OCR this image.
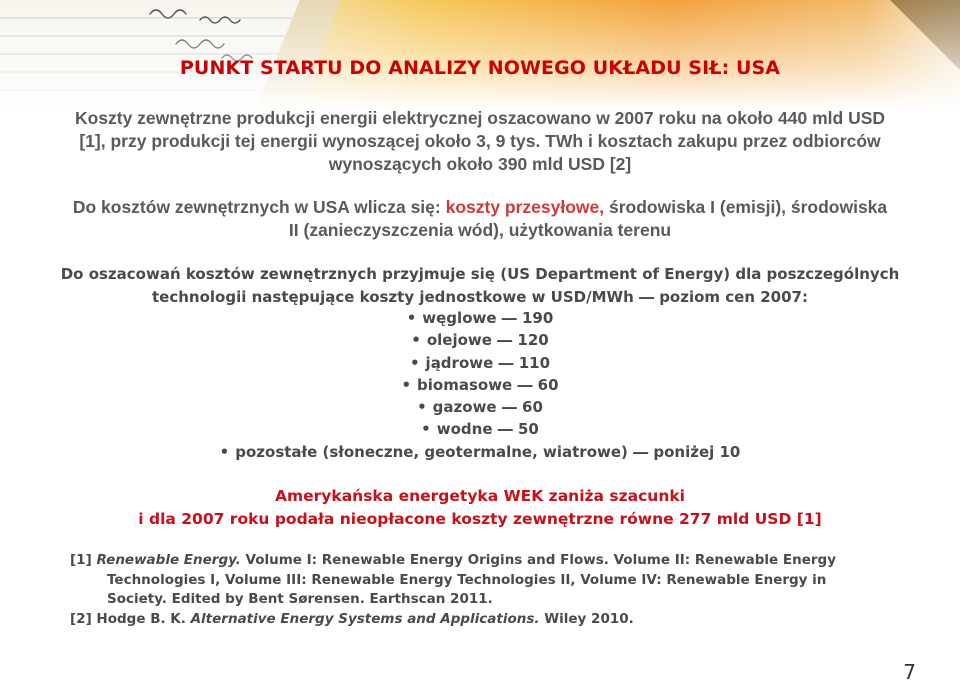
PUNKT STARTU DO ANALIZY NOWEGO UKŁADU SIŁ: USA
Koszty zewnętrzne produkcji energii elektrycznej oszacowano w 2007 roku na około 440 mld USD
[1], przy produkcji tej energii wynoszącej około 3, 9 tys. TWh i kosztach zakupu przez odbiorców
wynoszących około 390 mld USD [2]
Do kosztów zewnętrznych w USA wlicza się: koszty przesyłowe, środowiska I (emisji), środowiska
II (zanieczyszczenia wód), użytkowania terenu
Do oszacowań kosztów zewnętrznych przyjmuje się (US Department of Energy) dla poszczególnych
technologii następujące koszty jednostkowe w USD/MWh ― poziom cen 2007:
• węglowe ― 190
• olejowe ― 120
• jądrowe ― 110
• biomasowe ― 60
• gazowe ― 60
• wodne ― 50
• pozostałe (słoneczne, geotermalne, wiatrowe) ― poniżej 10
Amerykańska energetyka WEK zaniża szacunki
i dla 2007 roku podała nieopłacone koszty zewnętrzne równe 277 mld USD [1]

[1] Renewable Energy. Volume I: Renewable Energy Origins and Flows. Volume II: Renewable Energy

Technologies I, Volume III: Renewable Energy Technologies II, Volume IV: Renewable Energy in

Society. Edited by Bent Sørensen. Earthscan 2011.

[2] Hodge B. K. Alternative Energy Systems and Applications. Wiley 2010.

7
